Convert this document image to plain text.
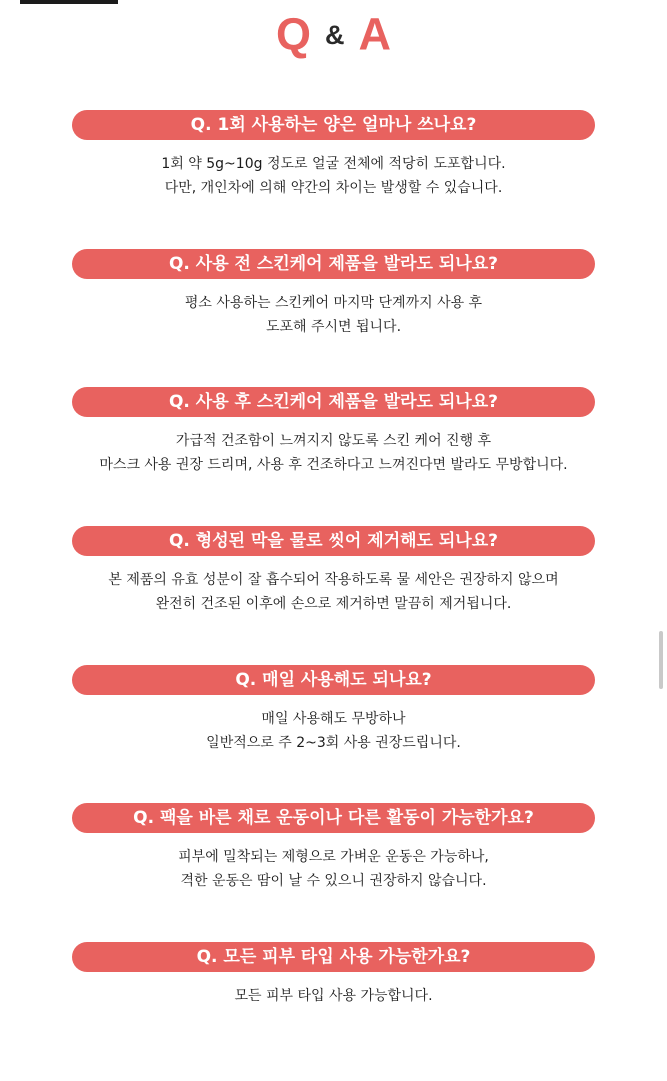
Q & A
Q. 1회 사용하는 양은 얼마나 쓰나요?
1회 약 5g~10g 정도로 얼굴 전체에 적당히 도포합니다.
다만, 개인차에 의해 약간의 차이는 발생할 수 있습니다.
Q. 사용 전 스킨케어 제품을 발라도 되나요?
평소 사용하는 스킨케어 마지막 단계까지 사용 후
도포해 주시면 됩니다.
Q. 사용 후 스킨케어 제품을 발라도 되나요?
가급적 건조함이 느껴지지 않도록 스킨 케어 진행 후
마스크 사용 권장 드리며, 사용 후 건조하다고 느껴진다면 발라도 무방합니다.
Q. 형성된 막을 물로 씻어 제거해도 되나요?
본 제품의 유효 성분이 잘 흡수되어 작용하도록 물 세안은 권장하지 않으며
완전히 건조된 이후에 손으로 제거하면 말끔히 제거됩니다.
Q. 매일 사용해도 되나요?
매일 사용해도 무방하나
일반적으로 주 2~3회 사용 권장드립니다.
Q. 팩을 바른 채로 운동이나 다른 활동이 가능한가요?
피부에 밀착되는 제형으로 가벼운 운동은 가능하나,
격한 운동은 땀이 날 수 있으니 권장하지 않습니다.
Q. 모든 피부 타입 사용 가능한가요?
모든 피부 타입 사용 가능합니다.
